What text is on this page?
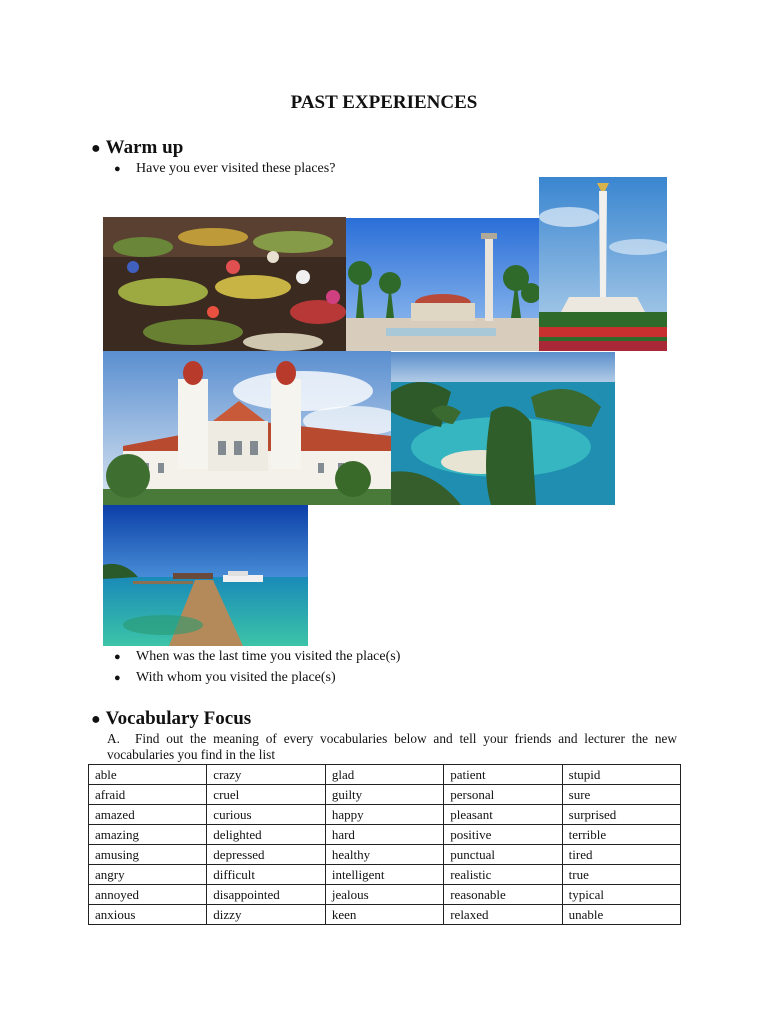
PAST EXPERIENCES
● Warm up
●	Have you ever visited these places?
●	When was the last time you visited the place(s)
●	With whom you visited the place(s)
● Vocabulary Focus
A. Find out the meaning of every vocabularies below and tell your friends and lecturer the new vocabularies you find in the list
able	crazy	glad	patient	stupid
afraid	cruel	guilty	personal	sure
amazed	curious	happy	pleasant	surprised
amazing	delighted	hard	positive	terrible
amusing	depressed	healthy	punctual	tired
angry	difficult	intelligent	realistic	true
annoyed	disappointed	jealous	reasonable	typical
anxious	dizzy	keen	relaxed	unable
